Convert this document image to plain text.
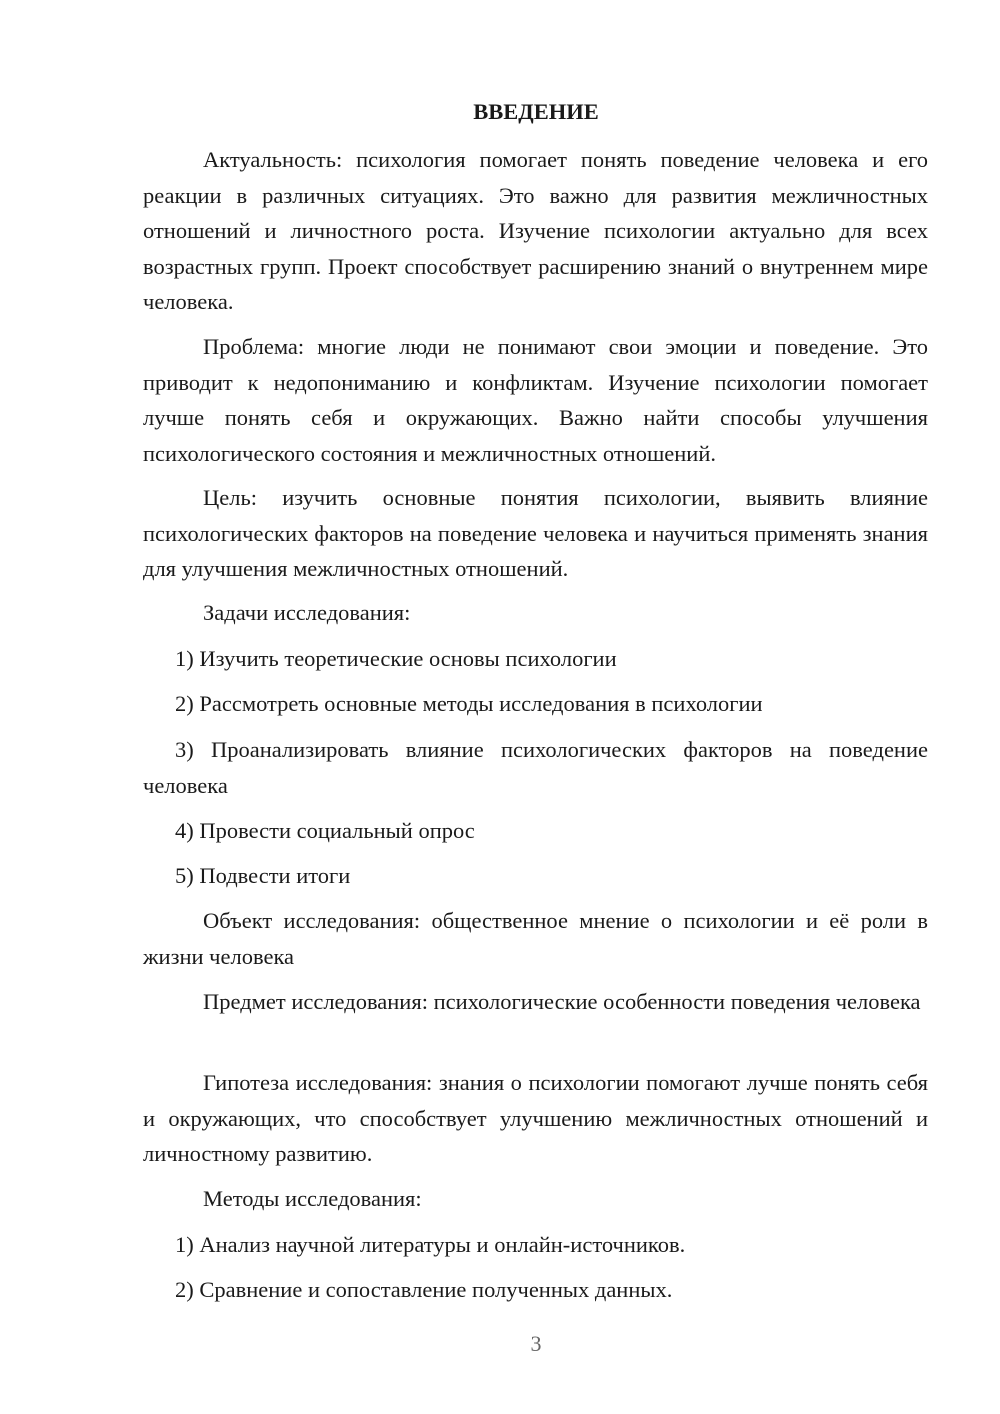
ВВЕДЕНИЕ

Актуальность: психология помогает понять поведение человека и его реакции в различных ситуациях. Это важно для развития межличностных отношений и личностного роста. Изучение психологии актуально для всех возрастных групп. Проект способствует расширению знаний о внутреннем мире человека.

Проблема: многие люди не понимают свои эмоции и поведение. Это приводит к недопониманию и конфликтам. Изучение психологии помогает лучше понять себя и окружающих. Важно найти способы улучшения психологического состояния и межличностных отношений.

Цель: изучить основные понятия психологии, выявить влияние психологических факторов на поведение человека и научиться применять знания для улучшения межличностных отношений.

Задачи исследования:

1) Изучить теоретические основы психологии

2) Рассмотреть основные методы исследования в психологии

3) Проанализировать влияние психологических факторов на поведение человека

4) Провести социальный опрос

5) Подвести итоги

Объект исследования: общественное мнение о психологии и её роли в жизни человека

Предмет исследования: психологические особенности поведения человека

Гипотеза исследования: знания о психологии помогают лучше понять себя и окружающих, что способствует улучшению межличностных отношений и личностному развитию.

Методы исследования:

1) Анализ научной литературы и онлайн-источников.

2) Сравнение и сопоставление полученных данных.

3
